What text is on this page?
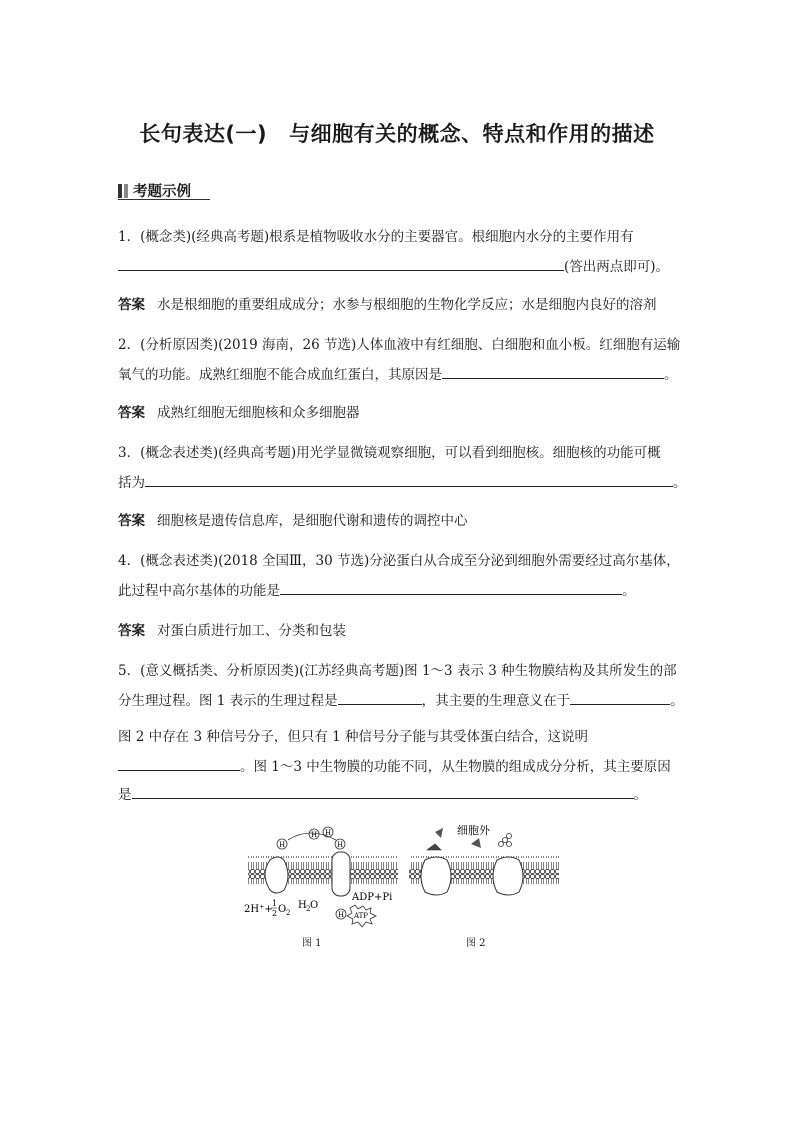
长句表达(一) 与细胞有关的概念、特点和作用的描述
考题示例
1．(概念类)(经典高考题)根系是植物吸收水分的主要器官。根细胞内水分的主要作用有
(答出两点即可)。
答案 水是根细胞的重要组成成分；水参与根细胞的生物化学反应；水是细胞内良好的溶剂
2．(分析原因类)(2019 海南，26 节选)人体血液中有红细胞、白细胞和血小板。红细胞有运输
氧气的功能。成熟红细胞不能合成血红蛋白，其原因是	。
答案 成熟红细胞无细胞核和众多细胞器
3．(概念表述类)(经典高考题)用光学显微镜观察细胞，可以看到细胞核。细胞核的功能可概
括为	。
答案 细胞核是遗传信息库，是细胞代谢和遗传的调控中心
4．(概念表述类)(2018 全国Ⅲ，30 节选)分泌蛋白从合成至分泌到细胞外需要经过高尔基体，
此过程中高尔基体的功能是	。
答案 对蛋白质进行加工、分类和包装
5．(意义概括类、分析原因类)(江苏经典高考题)图 1～3 表示 3 种生物膜结构及其所发生的部
分生理过程。图 1 表示的生理过程是	，其主要的生理意义在于	。
图 2 中存在 3 种信号分子，但只有 1 种信号分子能与其受体蛋白结合，这说明
。图 1～3 中生物膜的功能不同，从生物膜的组成成分分析，其主要原因
是	。
H
H H
H
H
ADP+Pi
ATP
2H⁺+
1
2 O 2
H 2 O
图 1
细胞外
图 2
